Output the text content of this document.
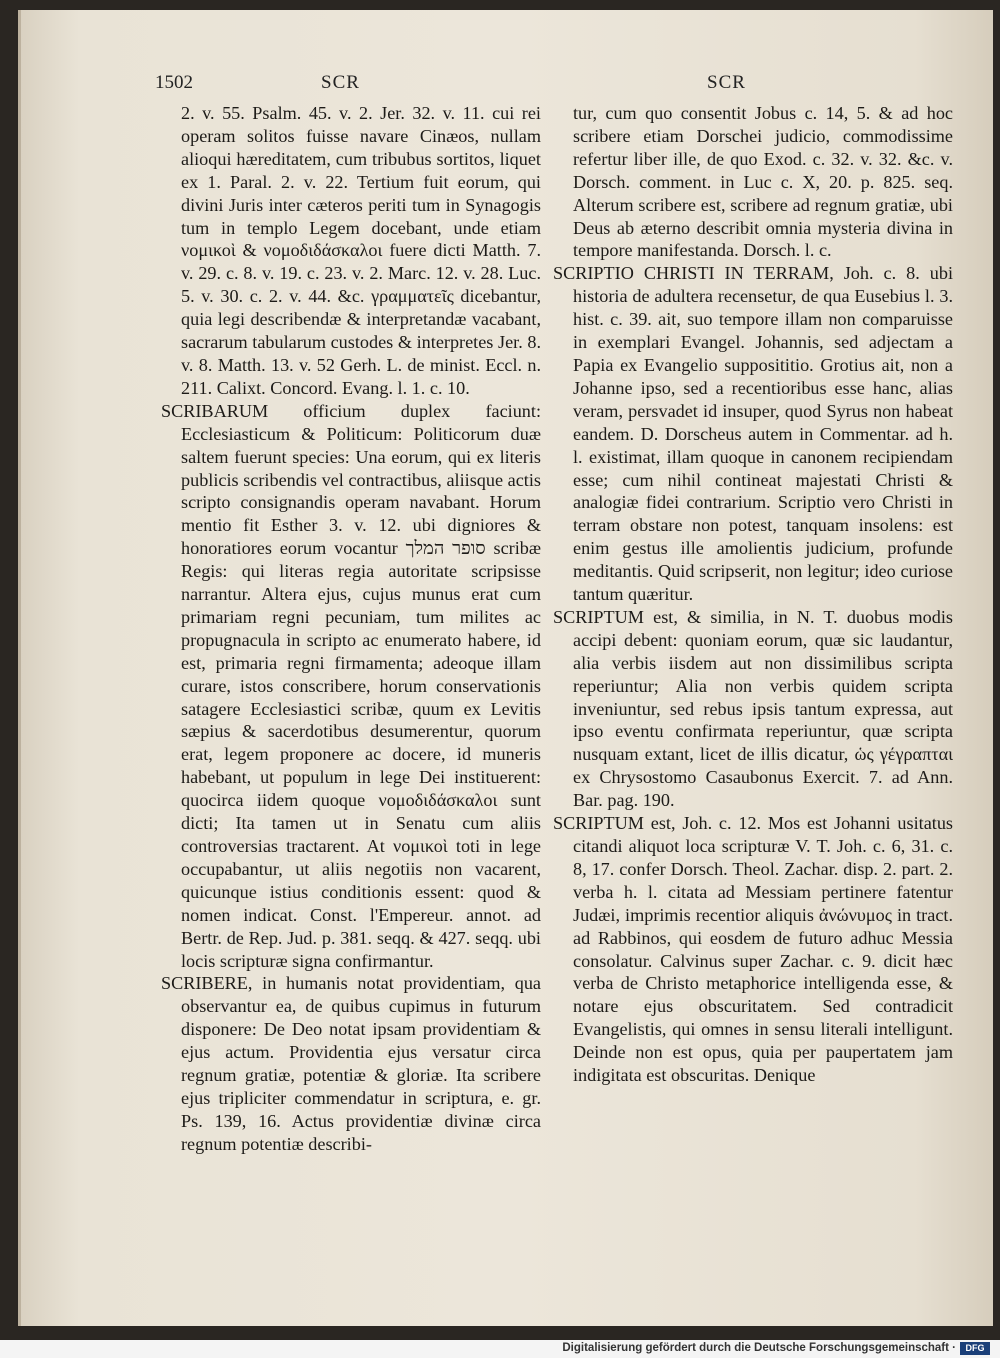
1502	SCR	SCR

2. v. 55. Psalm. 45. v. 2. Jer. 32. v. 11. cui rei operam solitos fuisse navare Cinæos, nullam alioqui hæreditatem, cum tribubus sortitos, liquet ex 1. Paral. 2. v. 22. Tertium fuit eorum, qui divini Juris inter cæteros periti tum in Synagogis tum in templo Legem docebant, unde etiam νομικοὶ & νομοδιδάσκαλοι fuere dicti Matth. 7. v. 29. c. 8. v. 19. c. 23. v. 2. Marc. 12. v. 28. Luc. 5. v. 30. c. 2. v. 44. &c. γραμματεῖς dicebantur, quia legi describendæ & interpretandæ vacabant, sacrarum tabularum custodes & interpretes Jer. 8. v. 8. Matth. 13. v. 52 Gerh. L. de minist. Eccl. n. 211. Calixt. Concord. Evang. l. 1. c. 10.

SCRIBARUM officium duplex faciunt: Ecclesiasticum & Politicum: Politicorum duæ saltem fuerunt species: Una eorum, qui ex literis publicis scribendis vel contractibus, aliisque actis scripto consignandis operam navabant. Horum mentio fit Esther 3. v. 12. ubi digniores & honoratiores eorum vocantur סופר המלך scribæ Regis: qui literas regia autoritate scripsisse narrantur. Altera ejus, cujus munus erat cum primariam regni pecuniam, tum milites ac propugnacula in scripto ac enumerato habere, id est, primaria regni firmamenta; adeoque illam curare, istos conscribere, horum conservationis satagere Ecclesiastici scribæ, quum ex Levitis sæpius & sacerdotibus desumerentur, quorum erat, legem proponere ac docere, id muneris habebant, ut populum in lege Dei instituerent: quocirca iidem quoque νομοδιδάσκαλοι sunt dicti; Ita tamen ut in Senatu cum aliis controversias tractarent. At νομικοὶ toti in lege occupabantur, ut aliis negotiis non vacarent, quicunque istius conditionis essent: quod & nomen indicat. Const. l'Empereur. annot. ad Bertr. de Rep. Jud. p. 381. seqq. & 427. seqq. ubi locis scripturæ signa confirmantur.

SCRIBERE, in humanis notat providentiam, qua observantur ea, de quibus cupimus in futurum disponere: De Deo notat ipsam providentiam & ejus actum. Providentia ejus versatur circa regnum gratiæ, potentiæ & gloriæ. Ita scribere ejus tripliciter commendatur in scriptura, e. gr. Ps. 139, 16. Actus providentiæ divinæ circa regnum potentiæ describi-

tur, cum quo consentit Jobus c. 14, 5. & ad hoc scribere etiam Dorschei judicio, commodissime refertur liber ille, de quo Exod. c. 32. v. 32. &c. v. Dorsch. comment. in Luc c. X, 20. p. 825. seq. Alterum scribere est, scribere ad regnum gratiæ, ubi Deus ab æterno describit omnia mysteria divina in tempore manifestanda. Dorsch. l. c.

SCRIPTIO CHRISTI IN TERRAM, Joh. c. 8. ubi historia de adultera recensetur, de qua Eusebius l. 3. hist. c. 39. ait, suo tempore illam non comparuisse in exemplari Evangel. Johannis, sed adjectam a Papia ex Evangelio supposititio. Grotius ait, non a Johanne ipso, sed a recentioribus esse hanc, alias veram, persvadet id insuper, quod Syrus non habeat eandem. D. Dorscheus autem in Commentar. ad h. l. existimat, illam quoque in canonem recipiendam esse; cum nihil contineat majestati Christi & analogiæ fidei contrarium. Scriptio vero Christi in terram obstare non potest, tanquam insolens: est enim gestus ille amolientis judicium, profunde meditantis. Quid scripserit, non legitur; ideo curiose tantum quæritur.

SCRIPTUM est, & similia, in N. T. duobus modis accipi debent: quoniam eorum, quæ sic laudantur, alia verbis iisdem aut non dissimilibus scripta reperiuntur; Alia non verbis quidem scripta inveniuntur, sed rebus ipsis tantum expressa, aut ipso eventu confirmata reperiuntur, quæ scripta nusquam extant, licet de illis dicatur, ὡς γέγραπται ex Chrysostomo Casaubonus Exercit. 7. ad Ann. Bar. pag. 190.

SCRIPTUM est, Joh. c. 12. Mos est Johanni usitatus citandi aliquot loca scripturæ V. T. Joh. c. 6, 31. c. 8, 17. confer Dorsch. Theol. Zachar. disp. 2. part. 2. verba h. l. citata ad Messiam pertinere fatentur Judæi, imprimis recentior aliquis ἀνώνυμος in tract. ad Rabbinos, qui eosdem de futuro adhuc Messia consolatur. Calvinus super Zachar. c. 9. dicit hæc verba de Christo metaphorice intelligenda esse, & notare ejus obscuritatem. Sed contradicit Evangelistis, qui omnes in sensu literali intelligunt. Deinde non est opus, quia per paupertatem jam indigitata est obscuritas. Denique

Digitalisierung gefördert durch die Deutsche Forschungsgemeinschaft ·	DFG
